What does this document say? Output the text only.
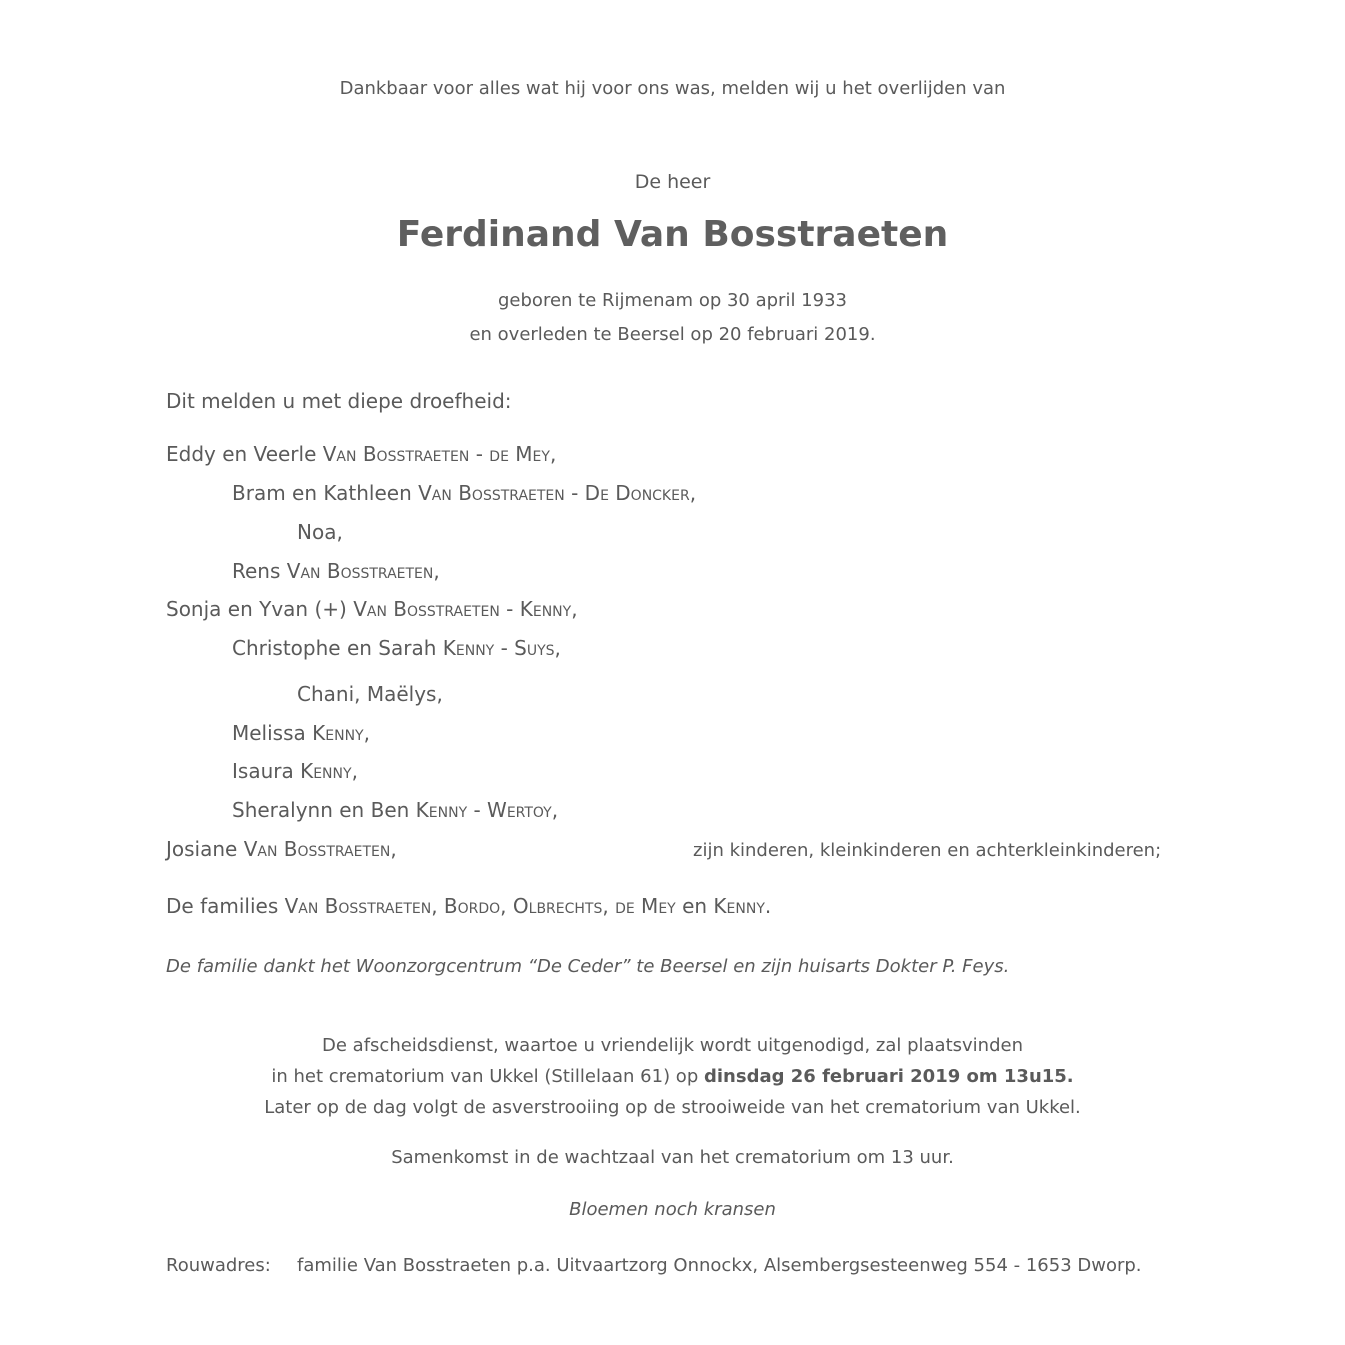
Dankbaar voor alles wat hij voor ons was, melden wij u het overlijden van
De heer
Ferdinand Van Bosstraeten
geboren te Rijmenam op 30 april 1933
en overleden te Beersel op 20 februari 2019.
Dit melden u met diepe droefheid:
Eddy en Veerle Van Bosstraeten - de Mey,
Bram en Kathleen Van Bosstraeten - De Doncker,
Noa,
Rens Van Bosstraeten,
Sonja en Yvan (+) Van Bosstraeten - Kenny,
Christophe en Sarah Kenny - Suys,
Chani, Maëlys,
Melissa Kenny,
Isaura Kenny,
Sheralynn en Ben Kenny - Wertoy,
Josiane Van Bosstraeten,	zijn kinderen, kleinkinderen en achterkleinkinderen;
De families Van Bosstraeten, Bordo, Olbrechts, de Mey en Kenny.
De familie dankt het Woonzorgcentrum “De Ceder” te Beersel en zijn huisarts Dokter P. Feys.
De afscheidsdienst, waartoe u vriendelijk wordt uitgenodigd, zal plaatsvinden
in het crematorium van Ukkel (Stillelaan 61) op dinsdag 26 februari 2019 om 13u15.
Later op de dag volgt de asverstrooiing op de strooiweide van het crematorium van Ukkel.
Samenkomst in de wachtzaal van het crematorium om 13 uur.
Bloemen noch kransen
Rouwadres: familie Van Bosstraeten p.a. Uitvaartzorg Onnockx, Alsembergsesteenweg 554 - 1653 Dworp.
